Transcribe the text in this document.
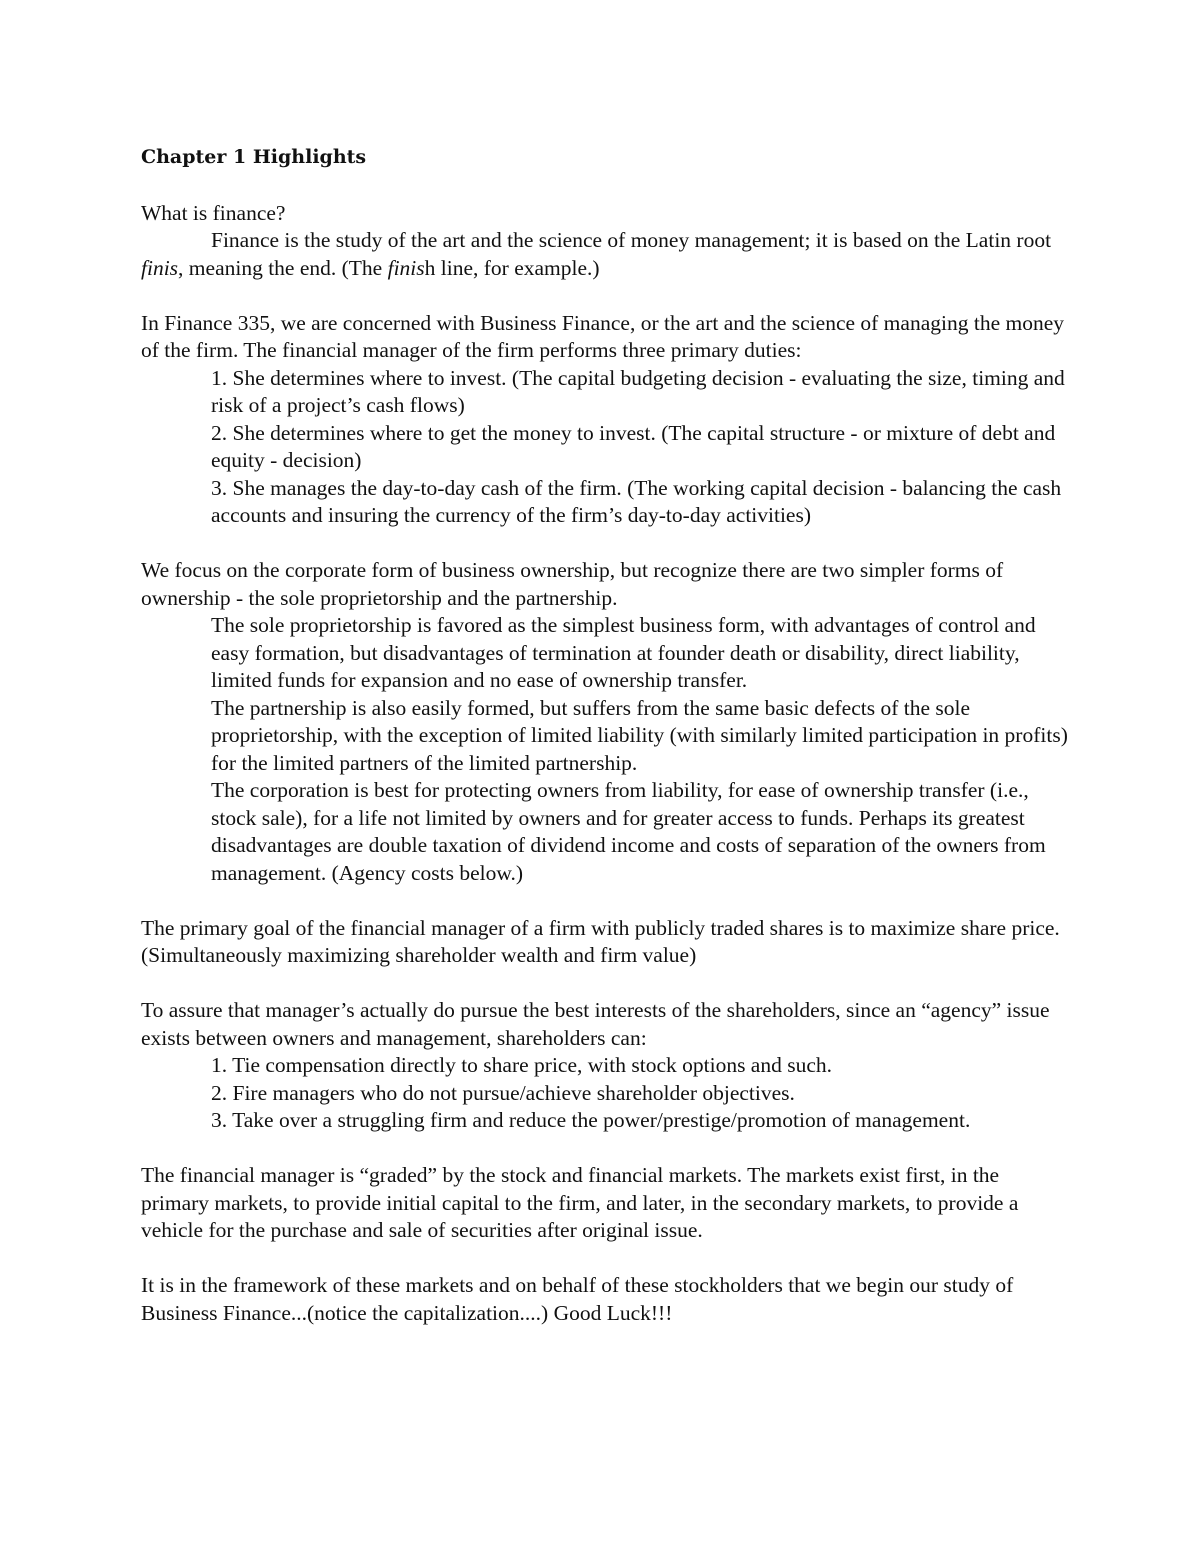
Chapter 1 Highlights

What is finance?

Finance is the study of the art and the science of money management; it is based on the Latin root finis, meaning the end. (The finish line, for example.)

In Finance 335, we are concerned with Business Finance, or the art and the science of managing the money of the firm. The financial manager of the firm performs three primary duties:

1. She determines where to invest. (The capital budgeting decision - evaluating the size, timing and risk of a project’s cash flows)

2. She determines where to get the money to invest. (The capital structure - or mixture of debt and equity - decision)

3. She manages the day-to-day cash of the firm. (The working capital decision - balancing the cash accounts and insuring the currency of the firm’s day-to-day activities)

We focus on the corporate form of business ownership, but recognize there are two simpler forms of ownership - the sole proprietorship and the partnership.

The sole proprietorship is favored as the simplest business form, with advantages of control and easy formation, but disadvantages of termination at founder death or disability, direct liability, limited funds for expansion and no ease of ownership transfer.

The partnership is also easily formed, but suffers from the same basic defects of the sole proprietorship, with the exception of limited liability (with similarly limited participation in profits) for the limited partners of the limited partnership.

The corporation is best for protecting owners from liability, for ease of ownership transfer (i.e., stock sale), for a life not limited by owners and for greater access to funds. Perhaps its greatest disadvantages are double taxation of dividend income and costs of separation of the owners from management. (Agency costs below.)

The primary goal of the financial manager of a firm with publicly traded shares is to maximize share price. (Simultaneously maximizing shareholder wealth and firm value)

To assure that manager’s actually do pursue the best interests of the shareholders, since an “agency” issue exists between owners and management, shareholders can:

1. Tie compensation directly to share price, with stock options and such.

2. Fire managers who do not pursue/achieve shareholder objectives.

3. Take over a struggling firm and reduce the power/prestige/promotion of management.

The financial manager is “graded” by the stock and financial markets. The markets exist first, in the primary markets, to provide initial capital to the firm, and later, in the secondary markets, to provide a vehicle for the purchase and sale of securities after original issue.

It is in the framework of these markets and on behalf of these stockholders that we begin our study of Business Finance...(notice the capitalization....) Good Luck!!!
